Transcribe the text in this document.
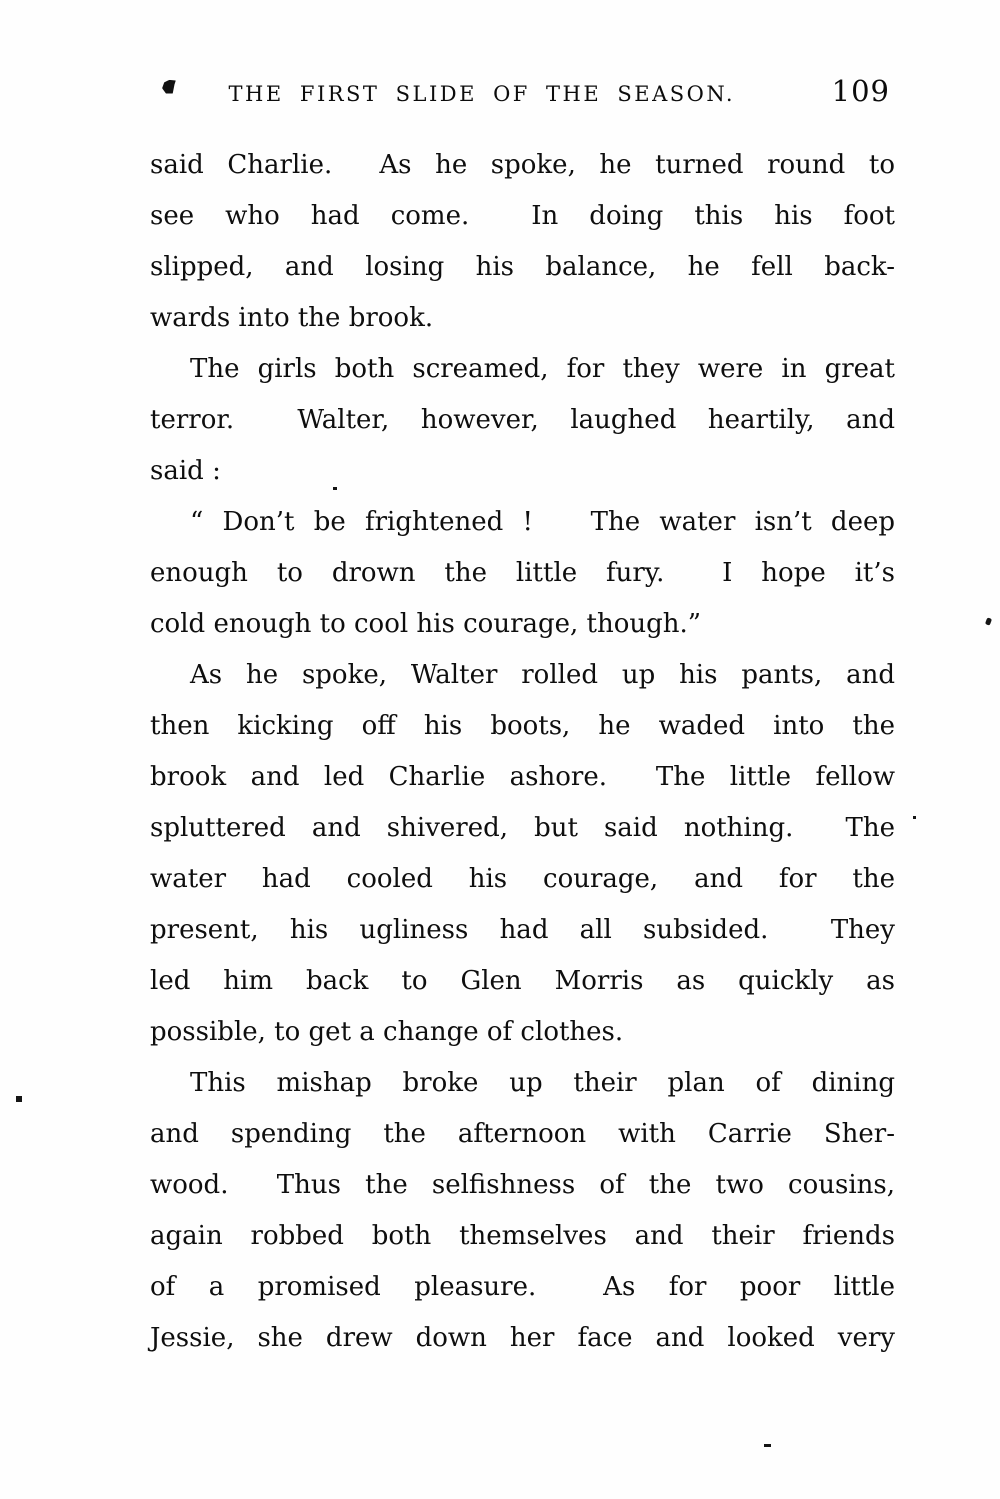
THE FIRST SLIDE OF THE SEASON.	109
said Charlie.  As he spoke, he turned round to
see who had come.  In doing this his foot
slipped, and losing his balance, he fell back-
wards into the brook.
The girls both screamed, for they were in great
terror.  Walter, however, laughed heartily, and
said :
“ Don’t be frightened !   The water isn’t deep
enough to drown the little fury.  I hope it’s
cold enough to cool his courage, though.”
As he spoke, Walter rolled up his pants, and
then kicking off his boots, he waded into the
brook and led Charlie ashore.  The little fellow
spluttered and shivered, but said nothing.  The
water had cooled his courage, and for the
present, his ugliness had all subsided.  They
led him back to Glen Morris as quickly as
possible, to get a change of clothes.
This mishap broke up their plan of dining
and spending the afternoon with Carrie Sher-
wood.  Thus the selfishness of the two cousins,
again robbed both themselves and their friends
of a promised pleasure.  As for poor little
Jessie, she drew down her face and looked very
